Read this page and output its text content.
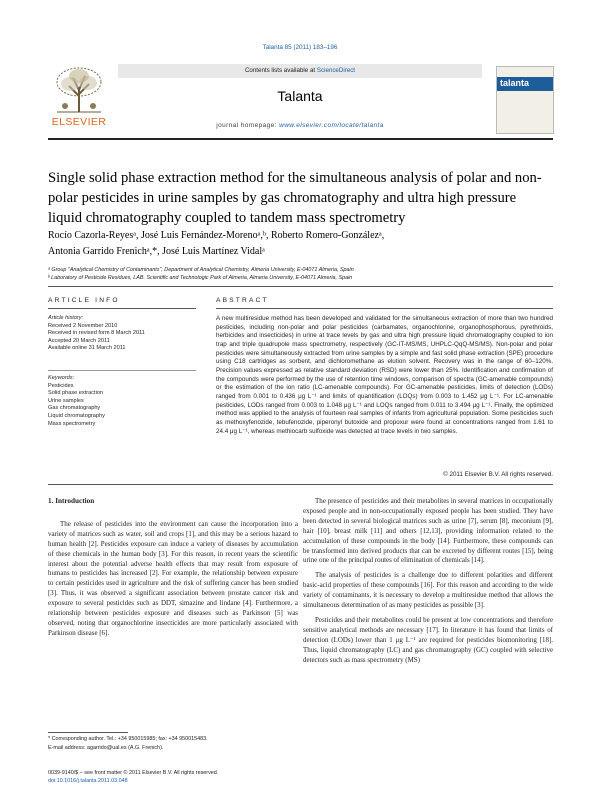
Talanta 85 (2011) 183–196
ELSEVIER
Contents lists available at ScienceDirect
Talanta
journal homepage: www.elsevier.com/locate/talanta
talanta
Single solid phase extraction method for the simultaneous analysis of polar and non-polar pesticides in urine samples by gas chromatography and ultra high pressure liquid chromatography coupled to tandem mass spectrometry
Rocío Cazorla-Reyesᵃ, José Luis Fernández-Morenoᵃ,ᵇ, Roberto Romero-Gonzálezᵃ,
Antonia Garrido Frenichᵃ,*, José Luis Martínez Vidalᵃ
ᵃ Group "Analytical Chemistry of Contaminants", Department of Analytical Chemistry, Almeria University, E-04071 Almeria, Spain
ᵇ Laboratory of Pesticide Residues, LAB. Scientific and Technologic Park of Almeria, Almeria University, E-04071 Almeria, Spain
ARTICLE INFO	ABSTRACT
Article history:
Received 2 November 2010
Received in revised form 8 March 2011
Accepted 20 March 2011
Available online 31 March 2011
Keywords:
Pesticides
Solid phase extraction
Urine samples
Gas chromatography
Liquid chromatography
Mass spectrometry
A new multiresidue method has been developed and validated for the simultaneous extraction of more than two hundred pesticides, including non-polar and polar pesticides (carbamates, organochlorine, organophosphorous, pyrethroids, herbicides and insecticides) in urine at trace levels by gas and ultra high pressure liquid chromatography coupled to ion trap and triple quadrupole mass spectrometry, respectively (GC-IT-MS/MS, UHPLC-QqQ-MS/MS). Non-polar and polar pesticides were simultaneously extracted from urine samples by a simple and fast solid phase extraction (SPE) procedure using C18 cartridges as sorbent, and dichloromethane as elution solvent. Recovery was in the range of 60–120%. Precision values expressed as relative standard deviation (RSD) were lower than 25%. Identification and confirmation of the compounds were performed by the use of retention time windows, comparison of spectra (GC-amenable compounds) or the estimation of the ion ratio (LC-amenable compounds). For GC-amenable pesticides, limits of detection (LODs) ranged from 0.001 to 0.436 μg L⁻¹ and limits of quantification (LOQs) from 0.003 to 1.452 μg L⁻¹. For LC-amenable pesticides, LODs ranged from 0.003 to 1.048 μg L⁻¹ and LOQs ranged from 0.011 to 3.494 μg L⁻¹. Finally, the optimized method was applied to the analysis of fourteen real samples of infants from agricultural population. Some pesticides such as methoxyfenozide, tebufenozide, piperonyl butoxide and propoxur were found at concentrations ranged from 1.61 to 24.4 μg L⁻¹, whereas methiocarb sulfoxide was detected at trace levels in two samples.
© 2011 Elsevier B.V. All rights reserved.
1. Introduction

The release of pesticides into the environment can cause the incorporation into a variety of matrices such as water, soil and crops [1], and this may be a serious hazard to human health [2]. Pesticides exposure can induce a variety of diseases by accumulation of these chemicals in the human body [3]. For this reason, in recent years the scientific interest about the potential adverse health effects that may result from exposure of humans to pesticides has increased [2]. For example, the relationship between exposure to certain pesticides used in agriculture and the risk of suffering cancer has been studied [3]. Thus, it was observed a significant association between prostate cancer risk and exposure to several pesticides such as DDT, simazine and lindane [4]. Furthermore, a relationship between pesticides exposure and diseases such as Parkinson [5] was observed, noting that organochlorine insecticides are more particularly associated with Parkinson disease [6].

The presence of pesticides and their metabolites in several matrices in occupationally exposed people and in non-occupationally exposed people has been studied. They have been detected in several biological matrices such as urine [7], serum [8], meconium [9], hair [10], breast milk [11] and others [12,13], providing information related to the accumulation of these compounds in the body [14]. Furthermore, these compounds can be transformed into derived products that can be excreted by different routes [15], being urine one of the principal routes of elimination of chemicals [14].

The analysis of pesticides is a challenge due to different polarities and different basic-acid properties of these compounds [16]. For this reason and according to the wide variety of contaminants, it is necessary to develop a multiresidue method that allows the simultaneous determination of as many pesticides as possible [3].

Pesticides and their metabolites could be present at low concentrations and therefore sensitive analytical methods are necessary [17]. In literature it has found that limits of detection (LODs) lower than 1 μg L⁻¹ are required for pesticides biomonitoring [18]. Thus, liquid chromatography (LC) and gas chromatography (GC) coupled with selective detectors such as mass spectrometry (MS)

* Corresponding author. Tel.: +34 950015985; fax: +34 950015483.
E-mail address: agarrido@ual.es (A.G. Frenich).
0039-9140/$ – see front matter © 2011 Elsevier B.V. All rights reserved.
doi:10.1016/j.talanta.2011.03.048
